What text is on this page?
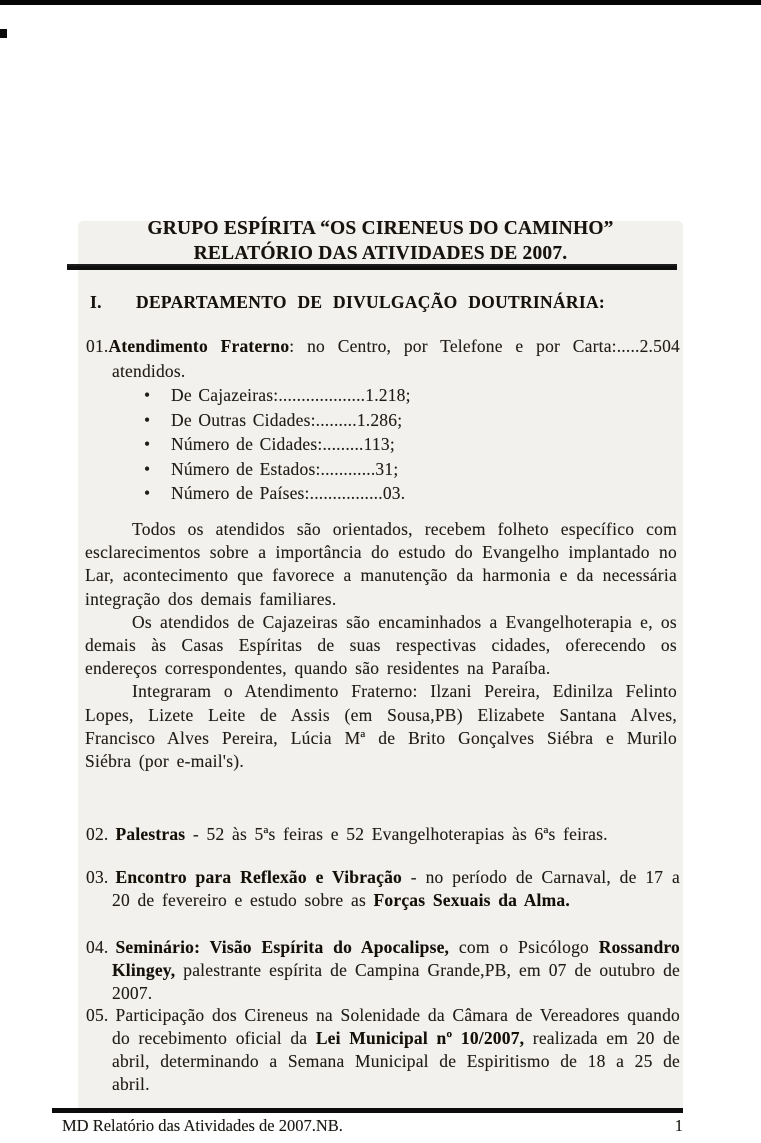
GRUPO ESPÍRITA “OS CIRENEUS DO CAMINHO”
RELATÓRIO DAS ATIVIDADES DE 2007.
I. DEPARTAMENTO DE DIVULGAÇÃO DOUTRINÁRIA:
01.Atendimento Fraterno: no Centro, por Telefone e por Carta:.....2.504 atendidos.
•	De Cajazeiras:...................1.218;
•	De Outras Cidades:.........1.286;
•	Número de Cidades:.........113;
•	Número de Estados:............31;
•	Número de Países:................03.

Todos os atendidos são orientados, recebem folheto específico com esclarecimentos sobre a importância do estudo do Evangelho implantado no Lar, acontecimento que favorece a manutenção da harmonia e da necessária integração dos demais familiares.

Os atendidos de Cajazeiras são encaminhados a Evangelhoterapia e, os demais às Casas Espíritas de suas respectivas cidades, oferecendo os endereços correspondentes, quando são residentes na Paraíba.

Integraram o Atendimento Fraterno: Ilzani Pereira, Edinilza Felinto Lopes, Lizete Leite de Assis (em Sousa,PB) Elizabete Santana Alves, Francisco Alves Pereira, Lúcia Mª de Brito Gonçalves Siébra e Murilo Siébra (por e-mail's).

02. Palestras - 52 às 5ªs feiras e 52 Evangelhoterapias às 6ªs feiras.
03. Encontro para Reflexão e Vibração - no período de Carnaval, de 17 a 20 de fevereiro e estudo sobre as Forças Sexuais da Alma.
04. Seminário: Visão Espírita do Apocalipse, com o Psicólogo Rossandro Klingey, palestrante espírita de Campina Grande,PB, em 07 de outubro de 2007.
05. Participação dos Cireneus na Solenidade da Câmara de Vereadores quando do recebimento oficial da Lei Municipal nº 10/2007, realizada em 20 de abril, determinando a Semana Municipal de Espiritismo de 18 a 25 de abril.
MD Relatório das Atividades de 2007.NB.	1
